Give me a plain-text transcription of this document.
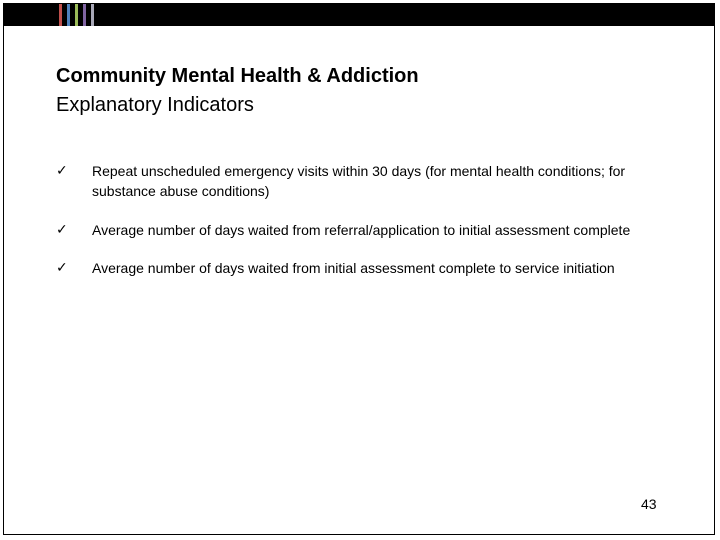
Community Mental Health & Addiction
Explanatory Indicators
✓ Repeat unscheduled emergency visits within 30 days (for mental health conditions; for substance abuse conditions)
✓ Average number of days waited from referral/application to initial assessment complete
✓ Average number of days waited from initial assessment complete to service initiation
43
